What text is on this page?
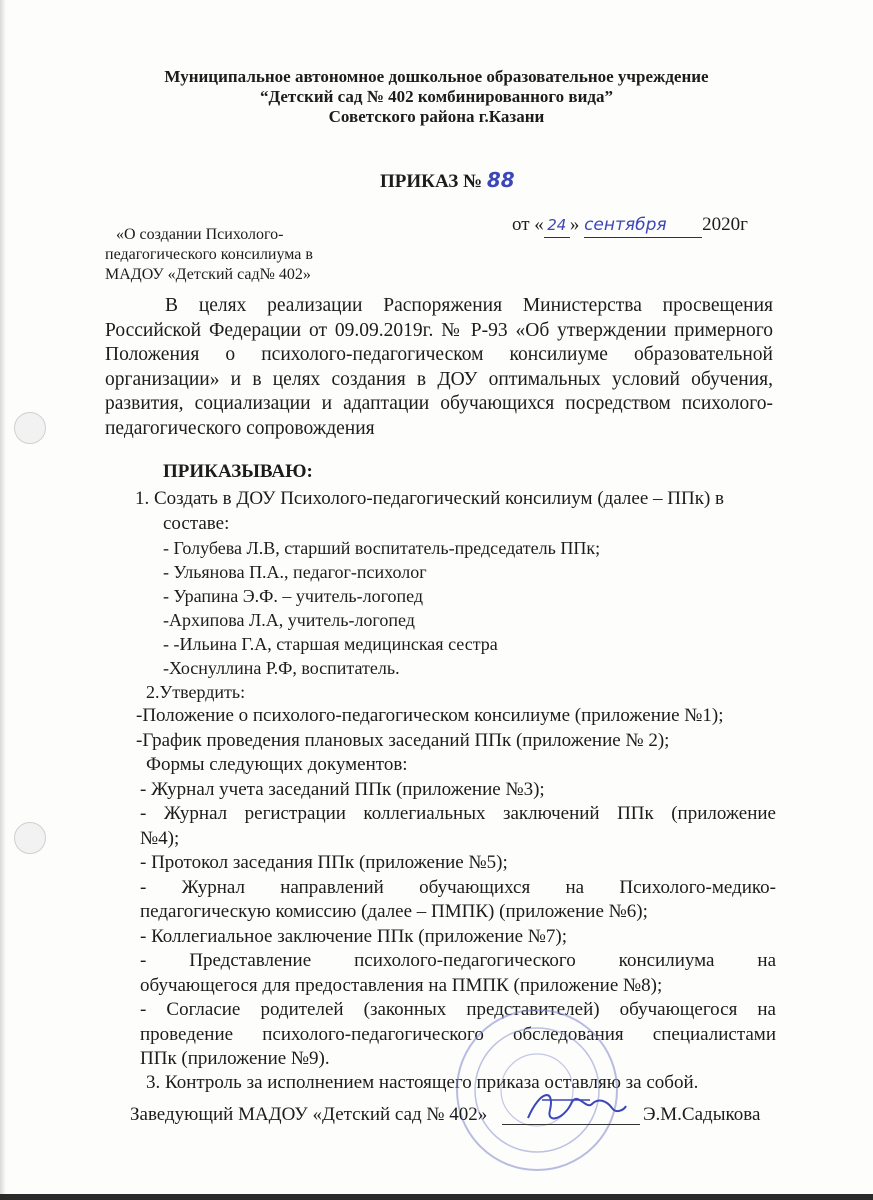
Муниципальное автономное дошкольное образовательное учреждение
“Детский сад № 402 комбинированного вида”
Советского района г.Казани
ПРИКАЗ № 88
«О создании Психолого-
педагогического консилиума в
МАДОУ «Детский сад№ 402»
от « 24 » сентября 2020г
В целях реализации Распоряжения Министерства просвещения
Российской Федерации от 09.09.2019г. № Р-93 «Об утверждении примерного
Положения о психолого-педагогическом консилиуме образовательной
организации» и в целях создания в ДОУ оптимальных условий обучения,
развития, социализации и адаптации обучающихся посредством психолого-
педагогического сопровождения
ПРИКАЗЫВАЮ:
1. Создать в ДОУ Психолого-педагогический консилиум (далее – ППк) в
составе:
- Голубева Л.В, старший воспитатель-председатель ППк;
- Ульянова П.А., педагог-психолог
- Урапина Э.Ф. – учитель-логопед
-Архипова Л.А, учитель-логопед
- -Ильина Г.А, старшая медицинская сестра
-Хоснуллина Р.Ф, воспитатель.
2.Утвердить:
-Положение о психолого-педагогическом консилиуме (приложение №1);
-График проведения плановых заседаний ППк (приложение № 2);
Формы следующих документов:
- Журнал учета заседаний ППк (приложение №3);
- Журнал регистрации коллегиальных заключений ППк (приложение
№4);
- Протокол заседания ППк (приложение №5);
- Журнал направлений обучающихся на Психолого-медико-
педагогическую комиссию (далее – ПМПК) (приложение №6);
- Коллегиальное заключение ППк (приложение №7);
- Представление психолого-педагогического консилиума на
обучающегося для предоставления на ПМПК (приложение №8);
- Согласие родителей (законных представителей) обучающегося на
проведение психолого-педагогического обследования специалистами
ППк (приложение №9).
3. Контроль за исполнением настоящего приказа оставляю за собой.
Заведующий МАДОУ «Детский сад № 402»	Э.М.Садыкова
